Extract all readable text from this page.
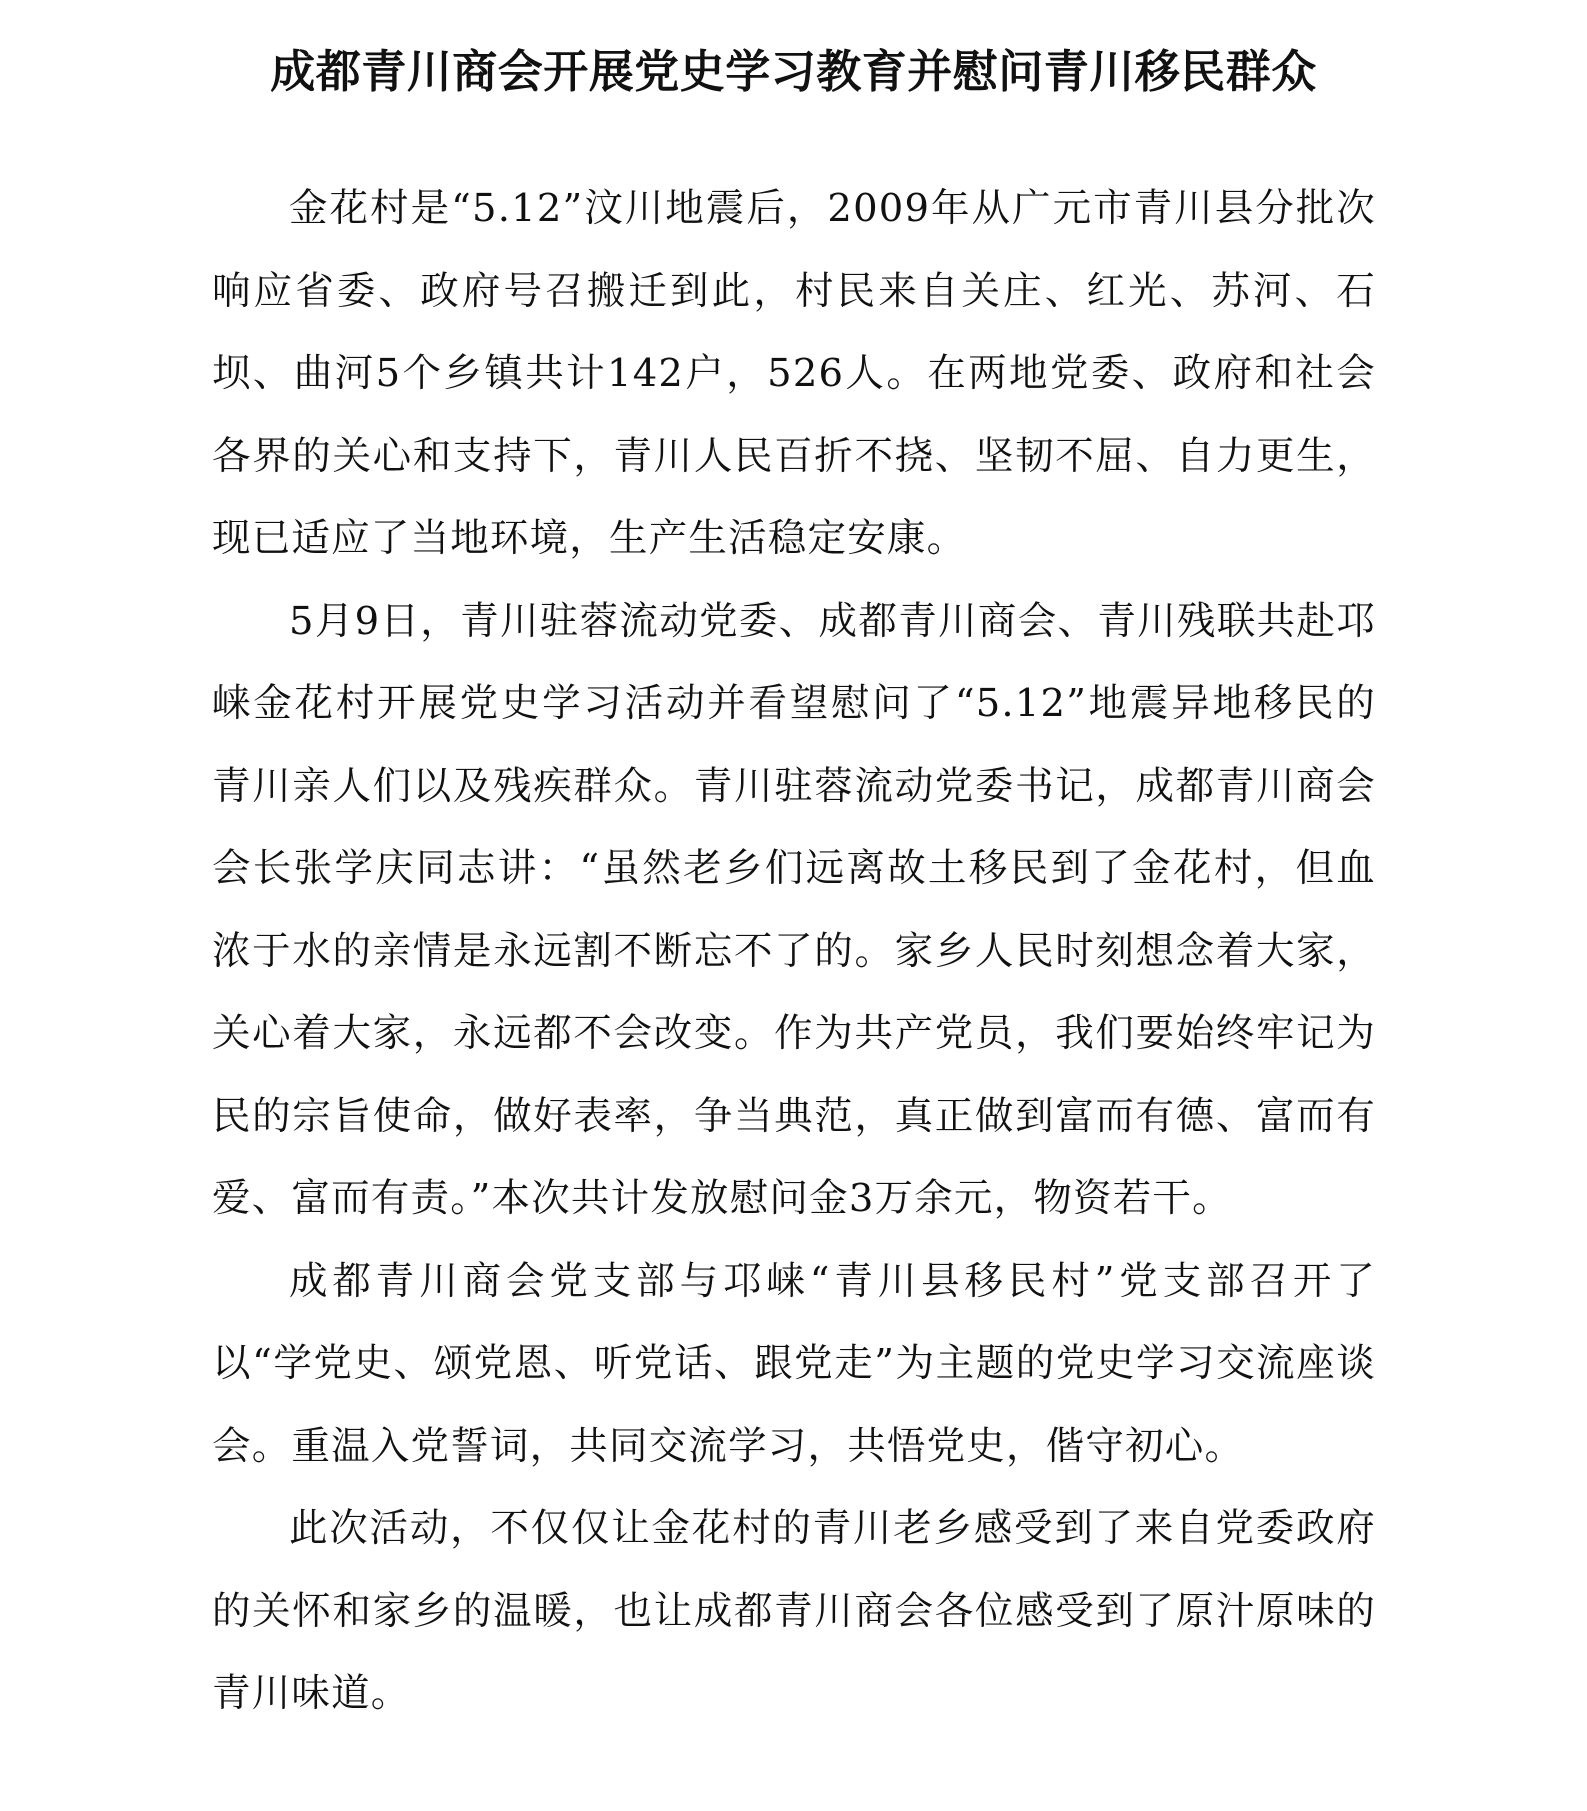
成都青川商会开展党史学习教育并慰问青川移民群众

金花村是“5.12”汶川地震后，2009年从广元市青川县分批次响应省委、政府号召搬迁到此，村民来自关庄、红光、苏河、石坝、曲河5个乡镇共计142户，526人。在两地党委、政府和社会各界的关心和支持下，青川人民百折不挠、坚韧不屈、自力更生，现已适应了当地环境，生产生活稳定安康。

5月9日，青川驻蓉流动党委、成都青川商会、青川残联共赴邛崃金花村开展党史学习活动并看望慰问了“5.12”地震异地移民的青川亲人们以及残疾群众。青川驻蓉流动党委书记，成都青川商会会长张学庆同志讲：“虽然老乡们远离故土移民到了金花村，但血浓于水的亲情是永远割不断忘不了的。家乡人民时刻想念着大家，关心着大家，永远都不会改变。作为共产党员，我们要始终牢记为民的宗旨使命，做好表率，争当典范，真正做到富而有德、富而有爱、富而有责。”本次共计发放慰问金3万余元，物资若干。

成都青川商会党支部与邛崃“青川县移民村”党支部召开了以“学党史、颂党恩、听党话、跟党走”为主题的党史学习交流座谈会。重温入党誓词，共同交流学习，共悟党史，偕守初心。

此次活动，不仅仅让金花村的青川老乡感受到了来自党委政府的关怀和家乡的温暖，也让成都青川商会各位感受到了原汁原味的青川味道。
